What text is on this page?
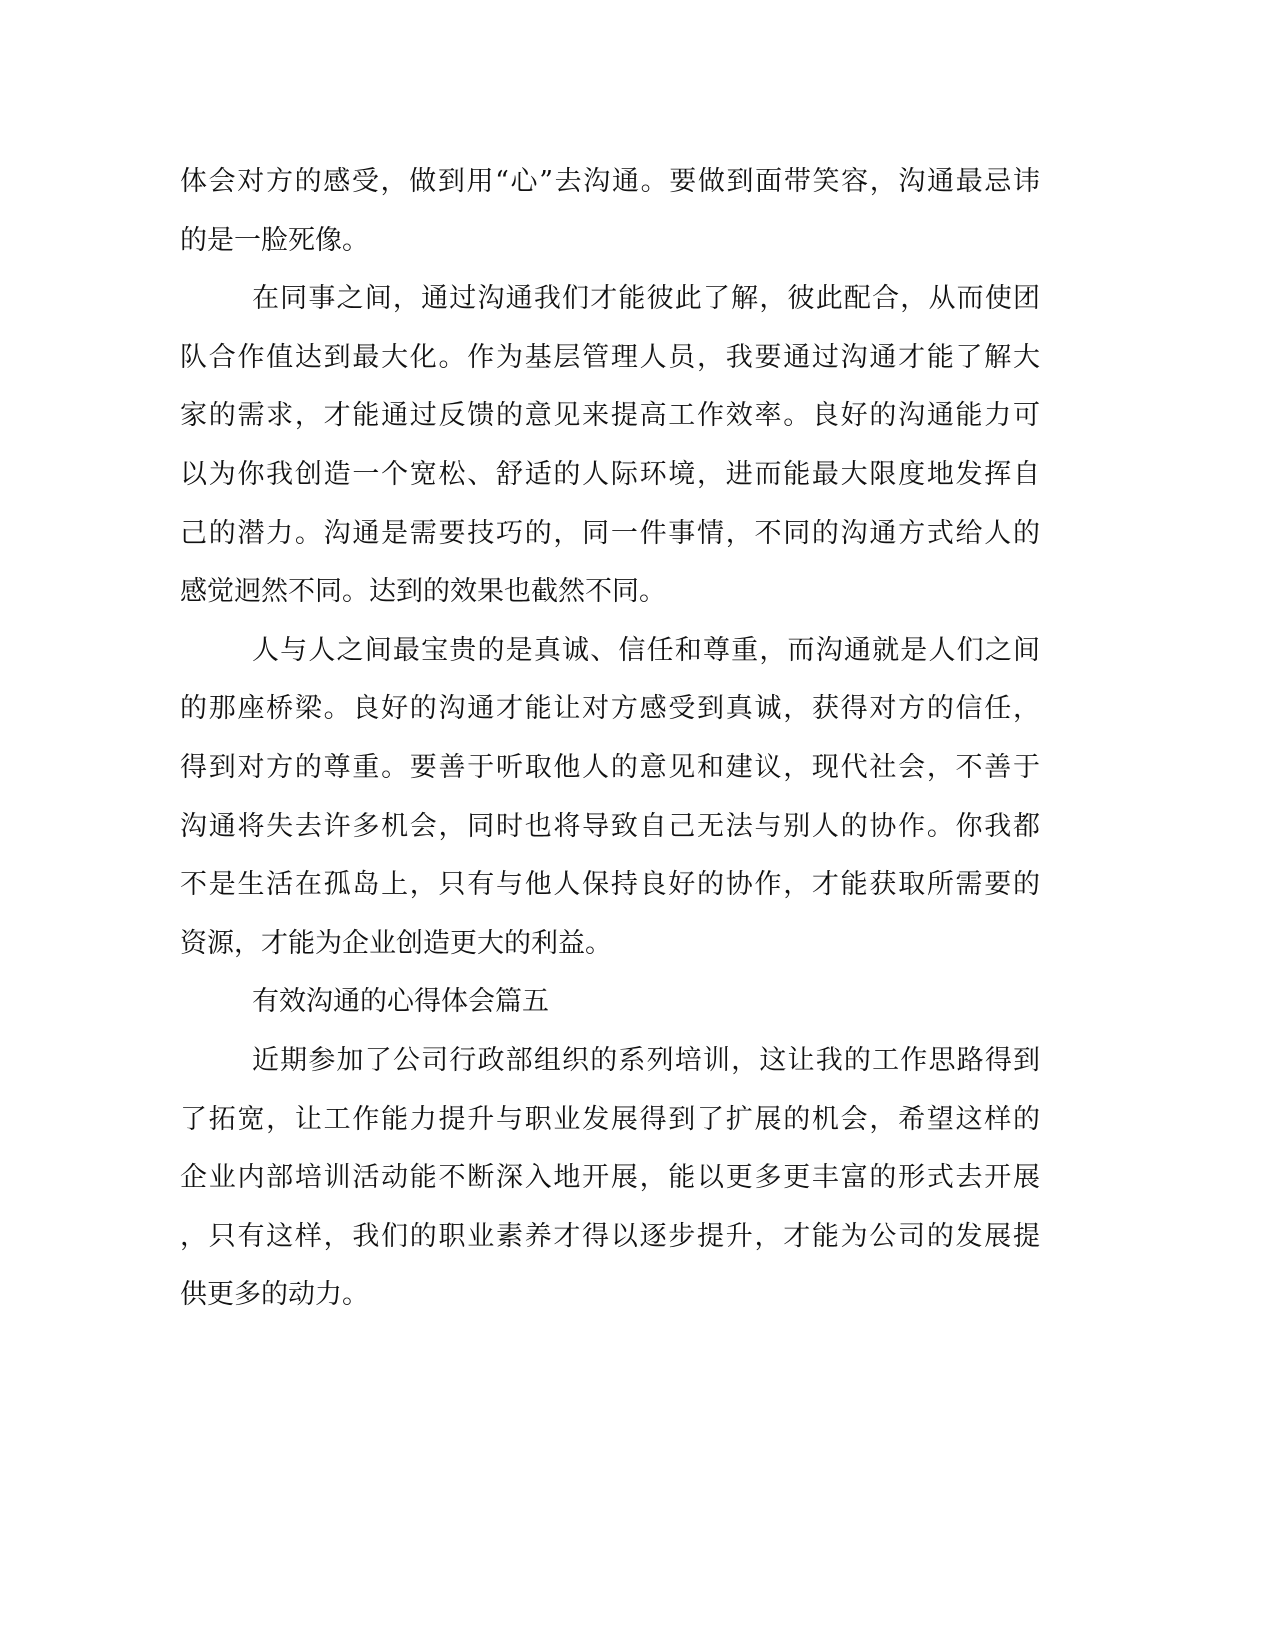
体会对方的感受，做到用“心”去沟通。要做到面带笑容，沟通最忌讳
的是一脸死像。
在同事之间，通过沟通我们才能彼此了解，彼此配合，从而使团
队合作值达到最大化。作为基层管理人员，我要通过沟通才能了解大
家的需求，才能通过反馈的意见来提高工作效率。良好的沟通能力可
以为你我创造一个宽松、舒适的人际环境，进而能最大限度地发挥自
己的潜力。沟通是需要技巧的，同一件事情，不同的沟通方式给人的
感觉迥然不同。达到的效果也截然不同。
人与人之间最宝贵的是真诚、信任和尊重，而沟通就是人们之间
的那座桥梁。良好的沟通才能让对方感受到真诚，获得对方的信任，
得到对方的尊重。要善于听取他人的意见和建议，现代社会，不善于
沟通将失去许多机会，同时也将导致自己无法与别人的协作。你我都
不是生活在孤岛上，只有与他人保持良好的协作，才能获取所需要的
资源，才能为企业创造更大的利益。
有效沟通的心得体会篇五
近期参加了公司行政部组织的系列培训，这让我的工作思路得到
了拓宽，让工作能力提升与职业发展得到了扩展的机会，希望这样的
企业内部培训活动能不断深入地开展，能以更多更丰富的形式去开展
，只有这样，我们的职业素养才得以逐步提升，才能为公司的发展提
供更多的动力。
